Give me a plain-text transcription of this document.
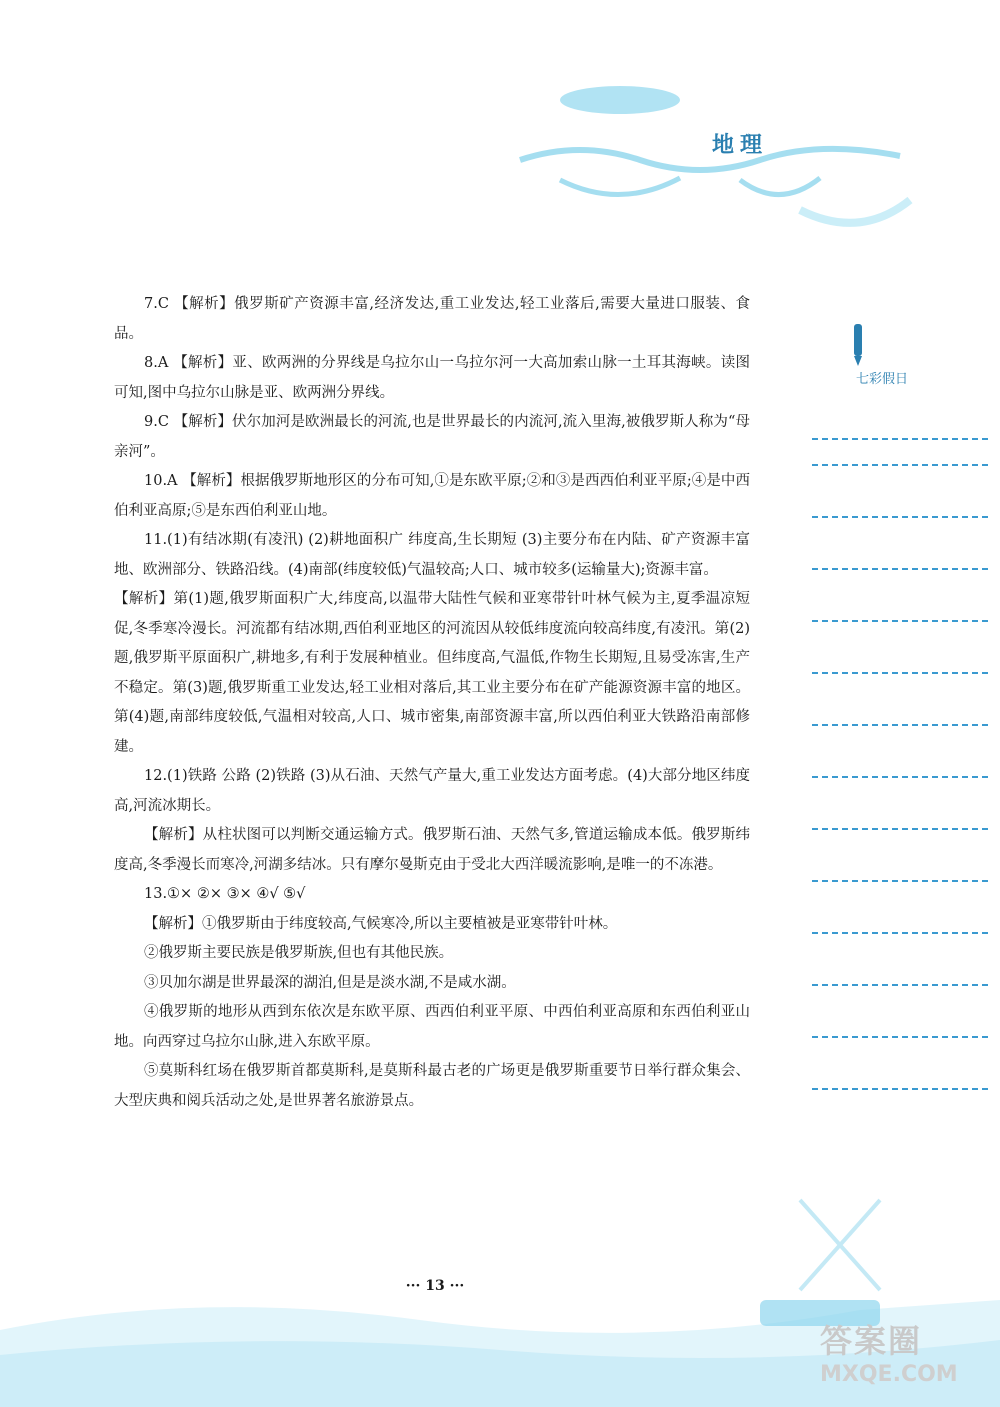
地理
七彩假日

7.C 【解析】俄罗斯矿产资源丰富,经济发达,重工业发达,轻工业落后,需要大量进口服装、食品。

8.A 【解析】亚、欧两洲的分界线是乌拉尔山一乌拉尔河一大高加索山脉一土耳其海峡。读图可知,图中乌拉尔山脉是亚、欧两洲分界线。

9.C 【解析】伏尔加河是欧洲最长的河流,也是世界最长的内流河,流入里海,被俄罗斯人称为“母亲河”。

10.A 【解析】根据俄罗斯地形区的分布可知,①是东欧平原;②和③是西西伯利亚平原;④是中西伯利亚高原;⑤是东西伯利亚山地。

11.(1)有结冰期(有凌汛) (2)耕地面积广 纬度高,生长期短 (3)主要分布在内陆、矿产资源丰富地、欧洲部分、铁路沿线。(4)南部(纬度较低)气温较高;人口、城市较多(运输量大);资源丰富。

【解析】第(1)题,俄罗斯面积广大,纬度高,以温带大陆性气候和亚寒带针叶林气候为主,夏季温凉短促,冬季寒冷漫长。河流都有结冰期,西伯利亚地区的河流因从较低纬度流向较高纬度,有凌汛。第(2)题,俄罗斯平原面积广,耕地多,有利于发展种植业。但纬度高,气温低,作物生长期短,且易受冻害,生产不稳定。第(3)题,俄罗斯重工业发达,轻工业相对落后,其工业主要分布在矿产能源资源丰富的地区。第(4)题,南部纬度较低,气温相对较高,人口、城市密集,南部资源丰富,所以西伯利亚大铁路沿南部修建。

12.(1)铁路 公路 (2)铁路 (3)从石油、天然气产量大,重工业发达方面考虑。(4)大部分地区纬度高,河流冰期长。

【解析】从柱状图可以判断交通运输方式。俄罗斯石油、天然气多,管道运输成本低。俄罗斯纬度高,冬季漫长而寒冷,河湖多结冰。只有摩尔曼斯克由于受北大西洋暖流影响,是唯一的不冻港。

13.①× ②× ③× ④√ ⑤√

【解析】①俄罗斯由于纬度较高,气候寒冷,所以主要植被是亚寒带针叶林。

②俄罗斯主要民族是俄罗斯族,但也有其他民族。

③贝加尔湖是世界最深的湖泊,但是是淡水湖,不是咸水湖。

④俄罗斯的地形从西到东依次是东欧平原、西西伯利亚平原、中西伯利亚高原和东西伯利亚山地。向西穿过乌拉尔山脉,进入东欧平原。

⑤莫斯科红场在俄罗斯首都莫斯科,是莫斯科最古老的广场更是俄罗斯重要节日举行群众集会、大型庆典和阅兵活动之处,是世界著名旅游景点。

··· 13 ···
答案圈
MXQE.COM
